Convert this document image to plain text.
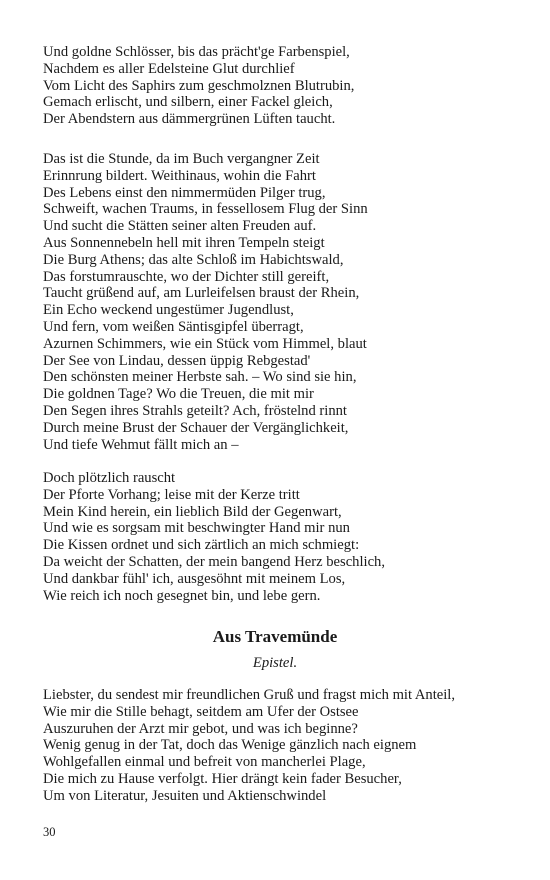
Und goldne Schlösser, bis das prächt'ge Farbenspiel,
Nachdem es aller Edelsteine Glut durchlief
Vom Licht des Saphirs zum geschmolznen Blutrubin,
Gemach erlischt, und silbern, einer Fackel gleich,
Der Abendstern aus dämmergrünen Lüften taucht.
Das ist die Stunde, da im Buch vergangner Zeit
Erinnrung bildert. Weithinaus, wohin die Fahrt
Des Lebens einst den nimmermüden Pilger trug,
Schweift, wachen Traums, in fessellosem Flug der Sinn
Und sucht die Stätten seiner alten Freuden auf.
Aus Sonnennebeln hell mit ihren Tempeln steigt
Die Burg Athens; das alte Schloß im Habichtswald,
Das forstumrauschte, wo der Dichter still gereift,
Taucht grüßend auf, am Lurleifelsen braust der Rhein,
Ein Echo weckend ungestümer Jugendlust,
Und fern, vom weißen Säntisgipfel überragt,
Azurnen Schimmers, wie ein Stück vom Himmel, blaut
Der See von Lindau, dessen üppig Rebgestad'
Den schönsten meiner Herbste sah. – Wo sind sie hin,
Die goldnen Tage? Wo die Treuen, die mit mir
Den Segen ihres Strahls geteilt? Ach, fröstelnd rinnt
Durch meine Brust der Schauer der Vergänglichkeit,
Und tiefe Wehmut fällt mich an –
Doch plötzlich rauscht
Der Pforte Vorhang; leise mit der Kerze tritt
Mein Kind herein, ein lieblich Bild der Gegenwart,
Und wie es sorgsam mit beschwingter Hand mir nun
Die Kissen ordnet und sich zärtlich an mich schmiegt:
Da weicht der Schatten, der mein bangend Herz beschlich,
Und dankbar fühl' ich, ausgesöhnt mit meinem Los,
Wie reich ich noch gesegnet bin, und lebe gern.
Aus Travemünde
Epistel.
Liebster, du sendest mir freundlichen Gruß und fragst mich mit Anteil,
Wie mir die Stille behagt, seitdem am Ufer der Ostsee
Auszuruhen der Arzt mir gebot, und was ich beginne?
Wenig genug in der Tat, doch das Wenige gänzlich nach eignem
Wohlgefallen einmal und befreit von mancherlei Plage,
Die mich zu Hause verfolgt. Hier drängt kein fader Besucher,
Um von Literatur, Jesuiten und Aktienschwindel
30
